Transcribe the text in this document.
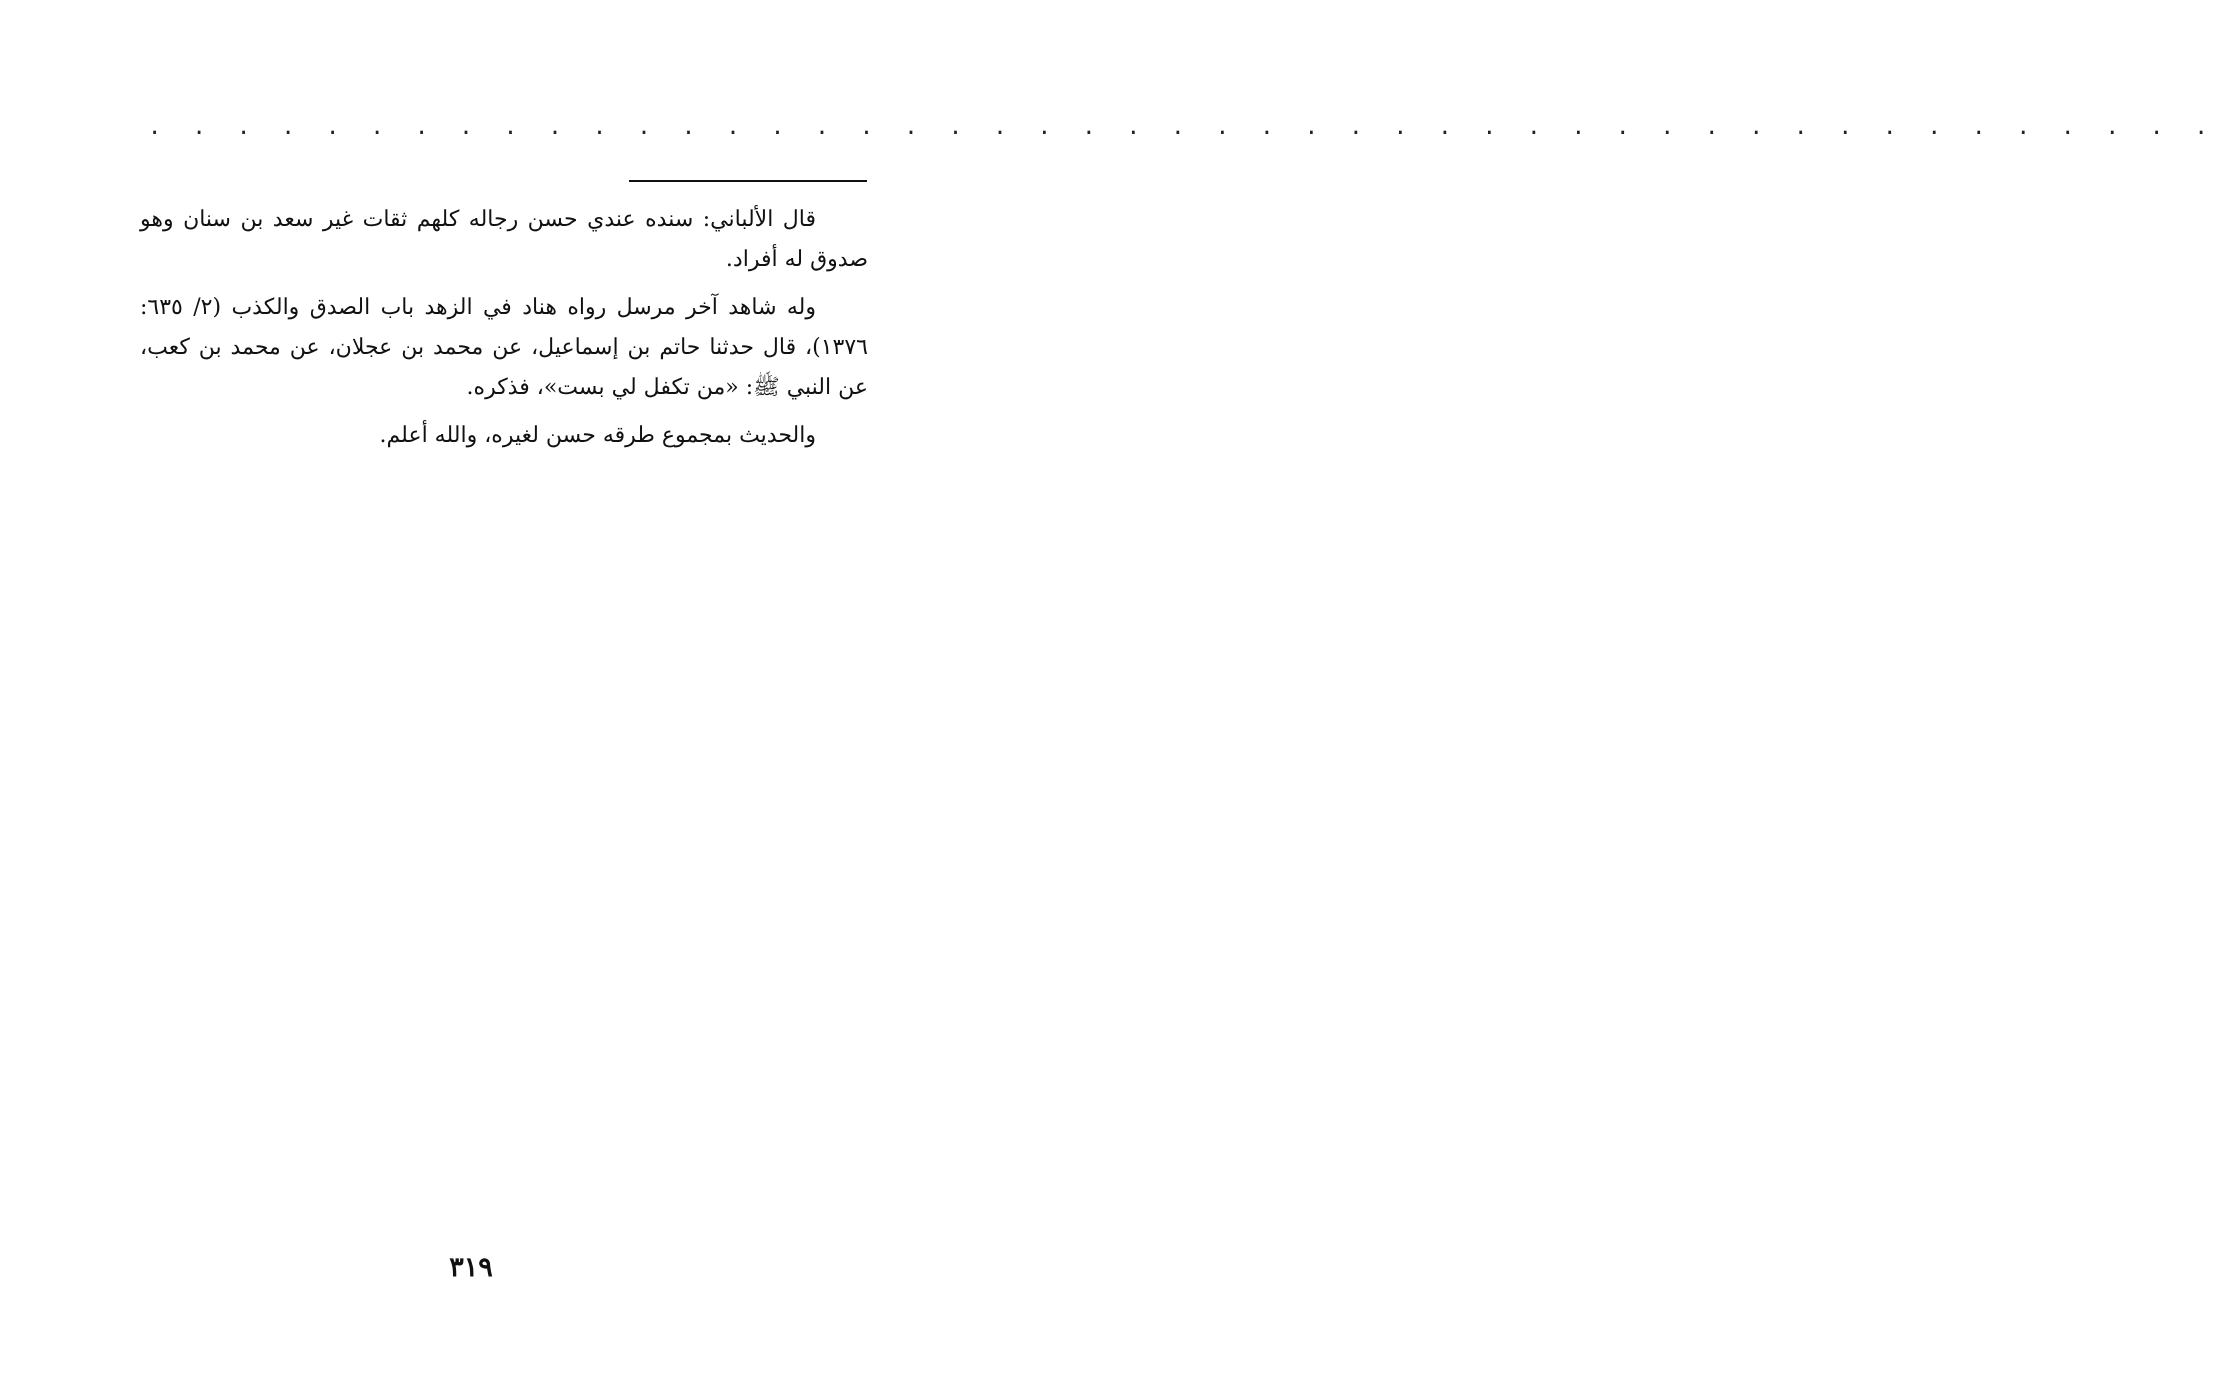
. . . . . . . . . . . . . . . . . . . . . . . . . . . . . . . . . . . . . . . . . . . . . . .

قال الألباني: سنده عندي حسن رجاله كلهم ثقات غير سعد بن سنان وهو صدوق له أفراد.

وله شاهد آخر مرسل رواه هناد في الزهد باب الصدق والكذب (٢/ ٦٣٥: ١٣٧٦)، قال حدثنا حاتم بن إسماعيل، عن محمد بن عجلان، عن محمد بن كعب، عن النبي ﷺ: «من تكفل لي بست»، فذكره.

والحديث بمجموع طرقه حسن لغيره، والله أعلم.

٣١٩
